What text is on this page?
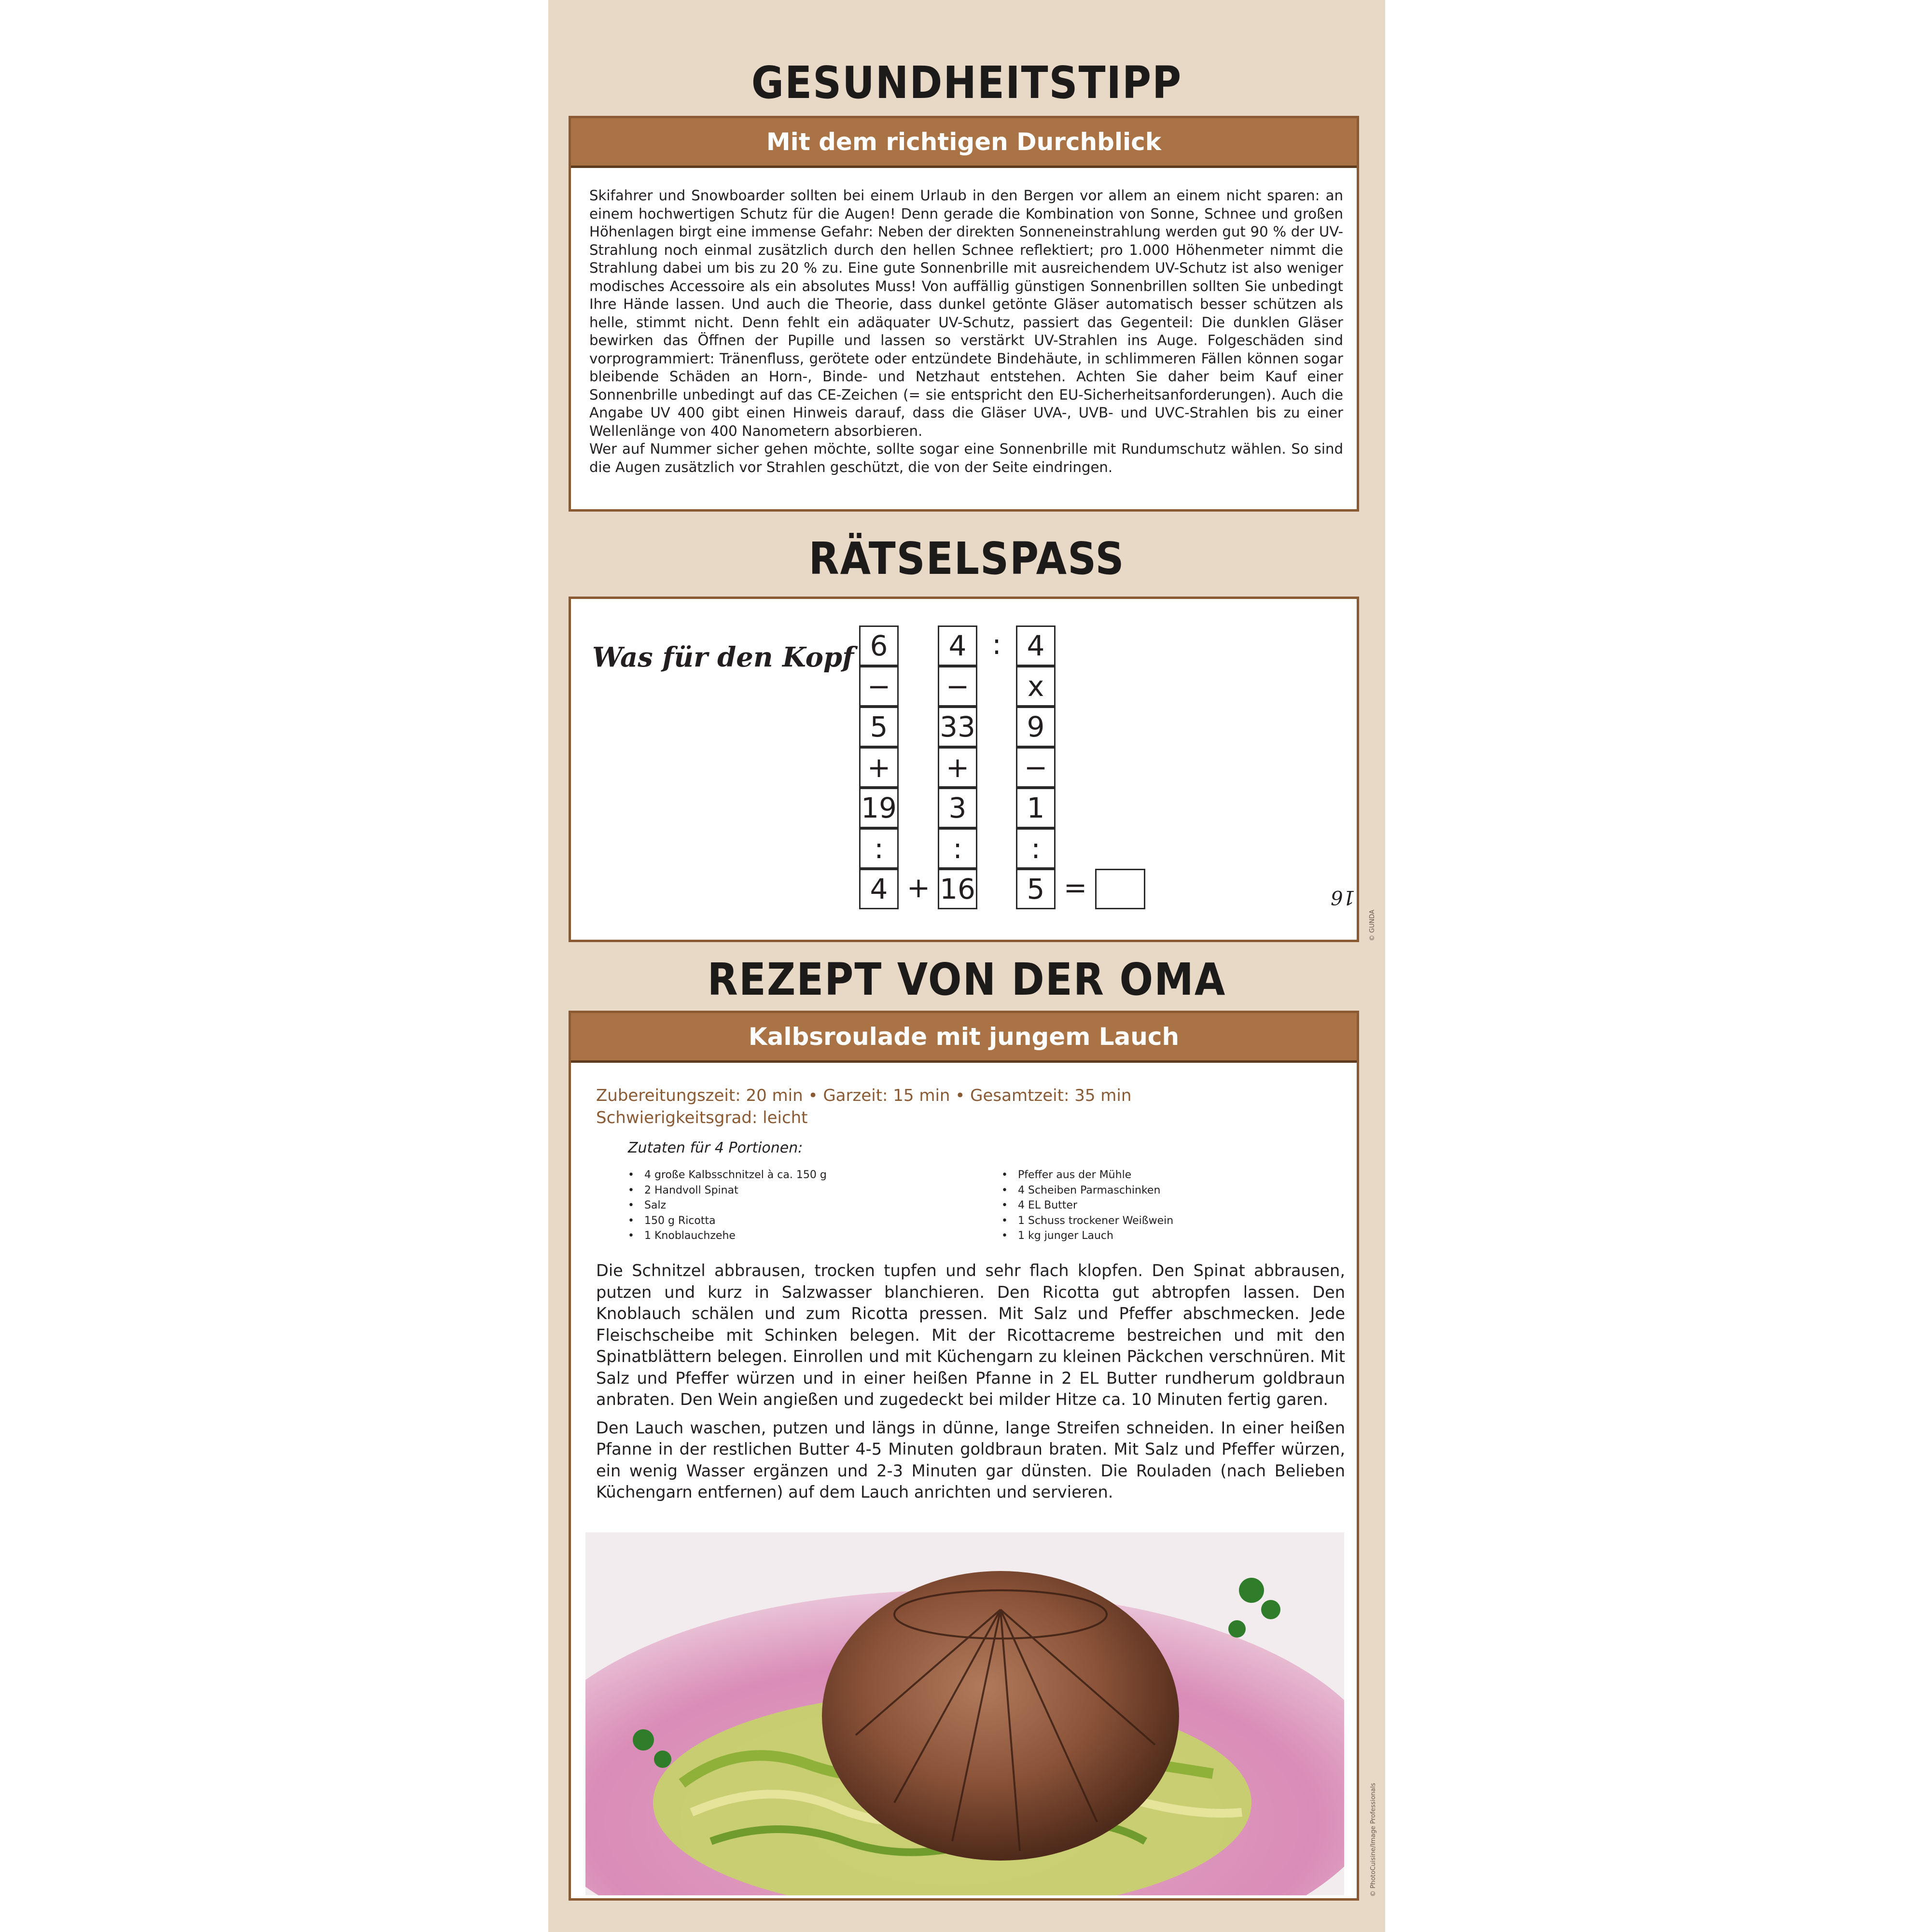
GESUNDHEITSTIPP
Mit dem richtigen Durchblick

Skifahrer und Snowboarder sollten bei einem Urlaub in den Bergen vor allem an einem nicht sparen: an einem hochwertigen Schutz für die Augen! Denn gerade die Kombination von Sonne, Schnee und großen Höhenlagen birgt eine immense Gefahr: Neben der direkten Sonneneinstrahlung werden gut 90 % der UV-Strahlung noch einmal zusätzlich durch den hellen Schnee reflektiert; pro 1.000 Höhenmeter nimmt die Strahlung dabei um bis zu 20 % zu. Eine gute Sonnenbrille mit ausreichendem UV-Schutz ist also weniger modisches Accessoire als ein absolutes Muss! Von auffällig günstigen Sonnenbrillen sollten Sie unbedingt Ihre Hände lassen. Und auch die Theorie, dass dunkel getönte Gläser automatisch besser schützen als helle, stimmt nicht. Denn fehlt ein adäquater UV-Schutz, passiert das Gegenteil: Die dunklen Gläser bewirken das Öffnen der Pupille und lassen so verstärkt UV-Strahlen ins Auge. Folgeschäden sind vorprogrammiert: Tränenfluss, gerötete oder entzündete Bindehäute, in schlimmeren Fällen können sogar bleibende Schäden an Horn-, Binde- und Netzhaut entstehen. Achten Sie daher beim Kauf einer Sonnenbrille unbedingt auf das CE-Zeichen (= sie entspricht den EU-Sicherheitsanforderungen). Auch die Angabe UV 400 gibt einen Hinweis darauf, dass die Gläser UVA-, UVB- und UVC-Strahlen bis zu einer Wellenlänge von 400 Nanometern absorbieren.

Wer auf Nummer sicher gehen möchte, sollte sogar eine Sonnenbrille mit Rundumschutz wählen. So sind die Augen zusätzlich vor Strahlen geschützt, die von der Seite eindringen.

RÄTSELSPASS
Was für den Kopf 6
−
5
+
19
:
4
4
−
33
+
3
:
16
4
x
9
−
1
:
5
:
+	=	16
© GUNDA
REZEPT VON DER OMA
Kalbsroulade mit jungem Lauch
Zubereitungszeit: 20 min • Garzeit: 15 min • Gesamtzeit: 35 min
Schwierigkeitsgrad: leicht
Zutaten für 4 Portionen:
• 4 große Kalbsschnitzel à ca. 150 g
• 2 Handvoll Spinat
• Salz
• 150 g Ricotta
• 1 Knoblauchzehe
• Pfeffer aus der Mühle
• 4 Scheiben Parmaschinken
• 4 EL Butter
• 1 Schuss trockener Weißwein
• 1 kg junger Lauch

Die Schnitzel abbrausen, trocken tupfen und sehr flach klopfen. Den Spinat abbrausen, putzen und kurz in Salzwasser blanchieren. Den Ricotta gut abtropfen lassen. Den Knoblauch schälen und zum Ricotta pressen. Mit Salz und Pfeffer abschmecken. Jede Fleischscheibe mit Schinken belegen. Mit der Ricottacreme bestreichen und mit den Spinatblättern belegen. Einrollen und mit Küchengarn zu kleinen Päckchen verschnüren. Mit Salz und Pfeffer würzen und in einer heißen Pfanne in 2 EL Butter rundherum goldbraun anbraten. Den Wein angießen und zugedeckt bei milder Hitze ca. 10 Minuten fertig garen.

Den Lauch waschen, putzen und längs in dünne, lange Streifen schneiden. In einer heißen Pfanne in der restlichen Butter 4-5 Minuten goldbraun braten. Mit Salz und Pfeffer würzen, ein wenig Wasser ergänzen und 2-3 Minuten gar dünsten. Die Rouladen (nach Belieben Küchengarn entfernen) auf dem Lauch anrichten und servieren.

© PhotoCuisine/Image Professionals
